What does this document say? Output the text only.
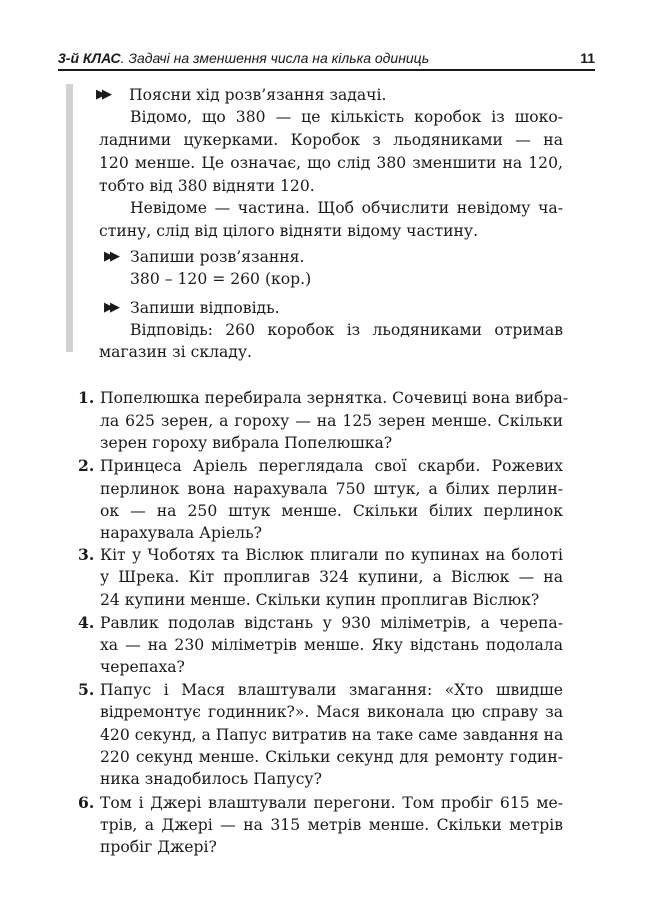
3-й КЛАС. Задачі на зменшення числа на кілька одиниць	11
▶▶ Поясни хід розв’язання задачі.
Відомо, що 380 — це кількість коробок із шоко-
ладними цукерками. Коробок з льодяниками — на
120 менше. Це означає, що слід 380 зменшити на 120,
тобто від 380 відняти 120.
Невідоме — частина. Щоб обчислити невідому ча-
стину, слід від цілого відняти відому частину.
▶▶ Запиши розв’язання.
380 – 120 = 260 (кор.)
▶▶ Запиши відповідь.
Відповідь: 260 коробок із льодяниками отримав
магазин зі складу.
1. Попелюшка перебирала зернятка. Сочевиці вона вибра-
ла 625 зерен, а гороху — на 125 зерен менше. Скільки
зерен гороху вибрала Попелюшка?
2. Принцеса Аріель переглядала свої скарби. Рожевих
перлинок вона нарахувала 750 штук, а білих перлин-
ок — на 250 штук менше. Скільки білих перлинок
нарахувала Аріель?
3. Кіт у Чоботях та Віслюк плигали по купинах на болоті
у Шрека. Кіт проплигав 324 купини, а Віслюк — на
24 купини менше. Скільки купин проплигав Віслюк?
4. Равлик подолав відстань у 930 міліметрів, а черепа-
ха — на 230 міліметрів менше. Яку відстань подолала
черепаха?
5. Папус і Мася влаштували змагання: «Хто швидше
відремонтує годинник?». Мася виконала цю справу за
420 секунд, а Папус витратив на таке саме завдання на
220 секунд менше. Скільки секунд для ремонту годин-
ника знадобилось Папусу?
6. Том і Джері влаштували перегони. Том пробіг 615 ме-
трів, а Джері — на 315 метрів менше. Скільки метрів
пробіг Джері?
